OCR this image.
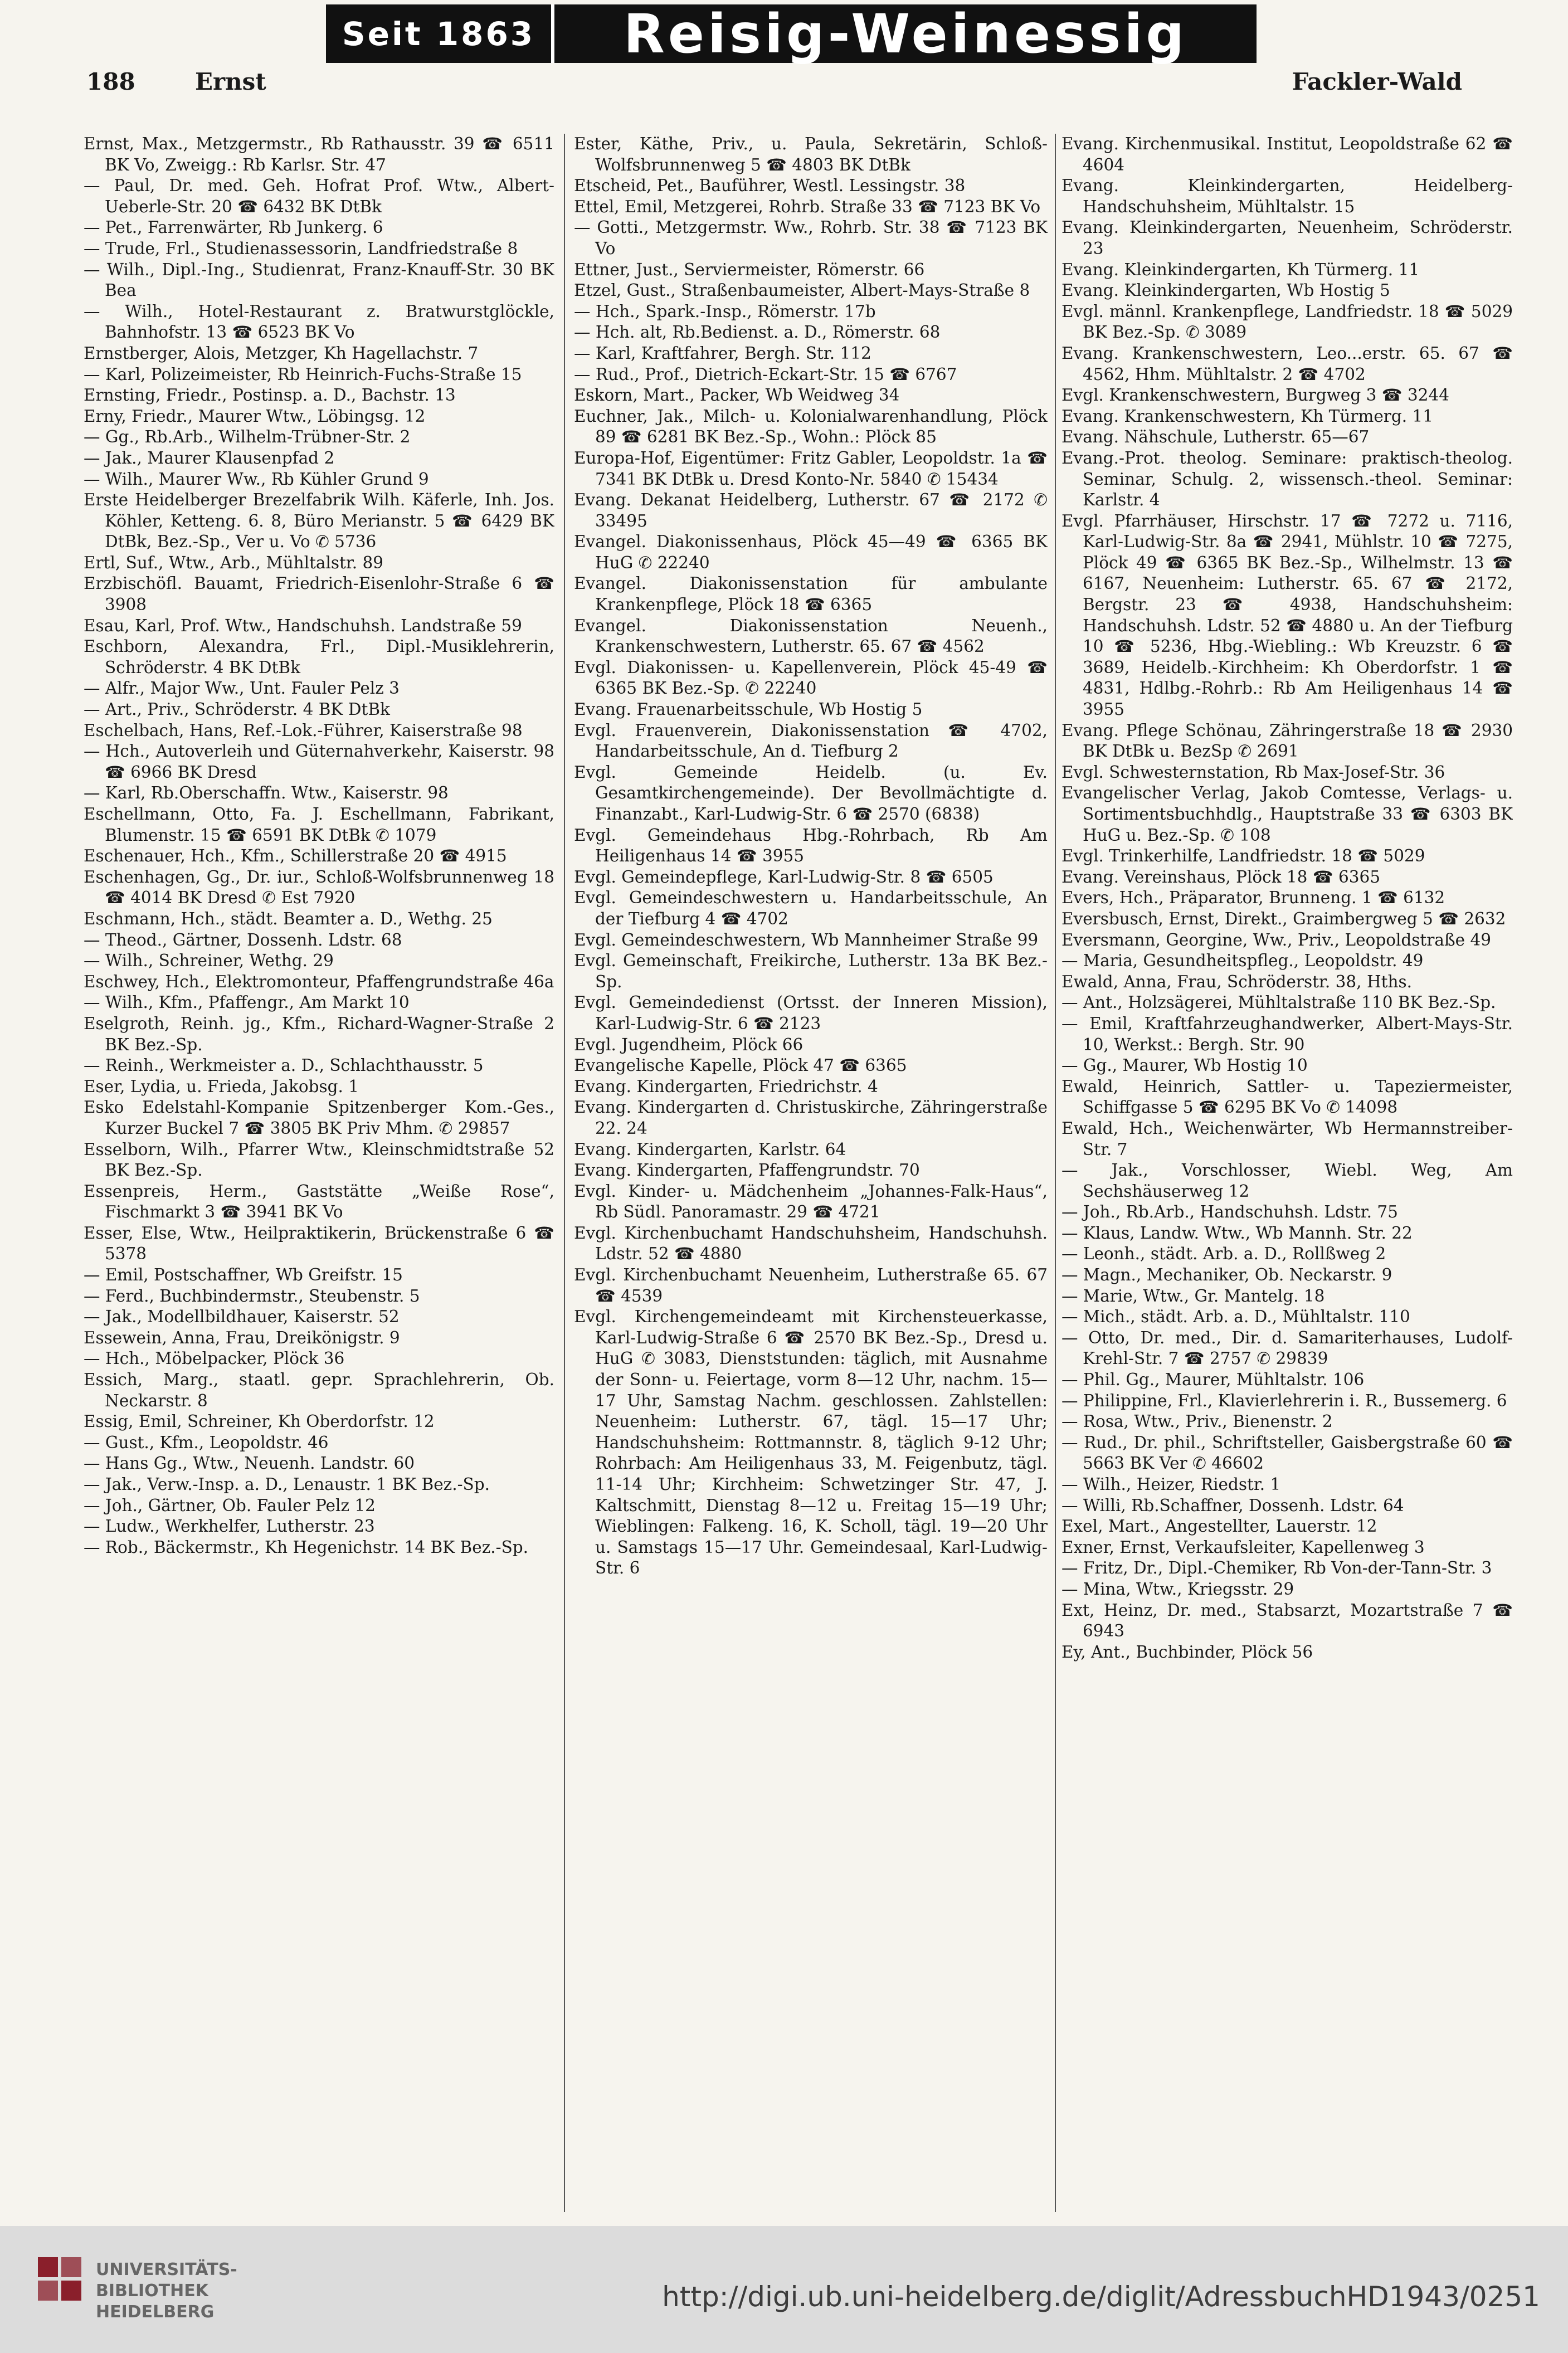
Seit 1863	Reisig-Weinessig
188	Ernst	Fackler-Wald
Ernst, Max., Metzgermstr., Rb Rathausstr. 39 ☎ 6511 BK Vo, Zweigg.: Rb Karlsr. Str. 47
— Paul, Dr. med. Geh. Hofrat Prof. Wtw., Albert-Ueberle-Str. 20 ☎ 6432 BK DtBk
— Pet., Farrenwärter, Rb Junkerg. 6
— Trude, Frl., Studienassessorin, Landfriedstraße 8
— Wilh., Dipl.-Ing., Studienrat, Franz-Knauff-Str. 30 BK Bea
— Wilh., Hotel-Restaurant z. Bratwurstglöckle, Bahnhofstr. 13 ☎ 6523 BK Vo
Ernstberger, Alois, Metzger, Kh Hagellachstr. 7
— Karl, Polizeimeister, Rb Heinrich-Fuchs-Straße 15
Ernsting, Friedr., Postinsp. a. D., Bachstr. 13
Erny, Friedr., Maurer Wtw., Löbingsg. 12
— Gg., Rb.Arb., Wilhelm-Trübner-Str. 2
— Jak., Maurer Klausenpfad 2
— Wilh., Maurer Ww., Rb Kühler Grund 9
Erste Heidelberger Brezelfabrik Wilh. Käferle, Inh. Jos. Köhler, Ketteng. 6. 8, Büro Merianstr. 5 ☎ 6429 BK DtBk, Bez.-Sp., Ver u. Vo ✆ 5736
Ertl, Suf., Wtw., Arb., Mühltalstr. 89
Erzbischöfl. Bauamt, Friedrich-Eisenlohr-Straße 6 ☎ 3908
Esau, Karl, Prof. Wtw., Handschuhsh. Landstraße 59
Eschborn, Alexandra, Frl., Dipl.-Musiklehrerin, Schröderstr. 4 BK DtBk
— Alfr., Major Ww., Unt. Fauler Pelz 3
— Art., Priv., Schröderstr. 4 BK DtBk
Eschelbach, Hans, Ref.-Lok.-Führer, Kaiserstraße 98
— Hch., Autoverleih und Güternahverkehr, Kaiserstr. 98 ☎ 6966 BK Dresd
— Karl, Rb.Oberschaffn. Wtw., Kaiserstr. 98
Eschellmann, Otto, Fa. J. Eschellmann, Fabrikant, Blumenstr. 15 ☎ 6591 BK DtBk ✆ 1079
Eschenauer, Hch., Kfm., Schillerstraße 20 ☎ 4915
Eschenhagen, Gg., Dr. iur., Schloß-Wolfsbrunnenweg 18 ☎ 4014 BK Dresd ✆ Est 7920
Eschmann, Hch., städt. Beamter a. D., Wethg. 25
— Theod., Gärtner, Dossenh. Ldstr. 68
— Wilh., Schreiner, Wethg. 29
Eschwey, Hch., Elektromonteur, Pfaffengrundstraße 46a
— Wilh., Kfm., Pfaffengr., Am Markt 10
Eselgroth, Reinh. jg., Kfm., Richard-Wagner-Straße 2 BK Bez.-Sp.
— Reinh., Werkmeister a. D., Schlachthausstr. 5
Eser, Lydia, u. Frieda, Jakobsg. 1
Esko Edelstahl-Kompanie Spitzenberger Kom.-Ges., Kurzer Buckel 7 ☎ 3805 BK Priv Mhm. ✆ 29857
Esselborn, Wilh., Pfarrer Wtw., Kleinschmidtstraße 52 BK Bez.-Sp.
Essenpreis, Herm., Gaststätte „Weiße Rose“, Fischmarkt 3 ☎ 3941 BK Vo
Esser, Else, Wtw., Heilpraktikerin, Brückenstraße 6 ☎ 5378
— Emil, Postschaffner, Wb Greifstr. 15
— Ferd., Buchbindermstr., Steubenstr. 5
— Jak., Modellbildhauer, Kaiserstr. 52
Essewein, Anna, Frau, Dreikönigstr. 9
— Hch., Möbelpacker, Plöck 36
Essich, Marg., staatl. gepr. Sprachlehrerin, Ob. Neckarstr. 8
Essig, Emil, Schreiner, Kh Oberdorfstr. 12
— Gust., Kfm., Leopoldstr. 46
— Hans Gg., Wtw., Neuenh. Landstr. 60
— Jak., Verw.-Insp. a. D., Lenaustr. 1 BK Bez.-Sp.
— Joh., Gärtner, Ob. Fauler Pelz 12
— Ludw., Werkhelfer, Lutherstr. 23
— Rob., Bäckermstr., Kh Hegenichstr. 14 BK Bez.-Sp.
Ester, Käthe, Priv., u. Paula, Sekretärin, Schloß-Wolfsbrunnenweg 5 ☎ 4803 BK DtBk
Etscheid, Pet., Bauführer, Westl. Lessingstr. 38
Ettel, Emil, Metzgerei, Rohrb. Straße 33 ☎ 7123 BK Vo
— Gotti., Metzgermstr. Ww., Rohrb. Str. 38 ☎ 7123 BK Vo
Ettner, Just., Serviermeister, Römerstr. 66
Etzel, Gust., Straßenbaumeister, Albert-Mays-Straße 8
— Hch., Spark.-Insp., Römerstr. 17b
— Hch. alt, Rb.Bedienst. a. D., Römerstr. 68
— Karl, Kraftfahrer, Bergh. Str. 112
— Rud., Prof., Dietrich-Eckart-Str. 15 ☎ 6767
Eskorn, Mart., Packer, Wb Weidweg 34
Euchner, Jak., Milch- u. Kolonialwarenhandlung, Plöck 89 ☎ 6281 BK Bez.-Sp., Wohn.: Plöck 85
Europa-Hof, Eigentümer: Fritz Gabler, Leopoldstr. 1a ☎ 7341 BK DtBk u. Dresd Konto-Nr. 5840 ✆ 15434
Evang. Dekanat Heidelberg, Lutherstr. 67 ☎ 2172 ✆ 33495
Evangel. Diakonissenhaus, Plöck 45—49 ☎ 6365 BK HuG ✆ 22240
Evangel. Diakonissenstation für ambulante Krankenpflege, Plöck 18 ☎ 6365
Evangel. Diakonissenstation Neuenh., Krankenschwestern, Lutherstr. 65. 67 ☎ 4562
Evgl. Diakonissen- u. Kapellenverein, Plöck 45-49 ☎ 6365 BK Bez.-Sp. ✆ 22240
Evang. Frauenarbeitsschule, Wb Hostig 5
Evgl. Frauenverein, Diakonissenstation ☎ 4702, Handarbeitsschule, An d. Tiefburg 2
Evgl. Gemeinde Heidelb. (u. Ev. Gesamtkirchengemeinde). Der Bevollmächtigte d. Finanzabt., Karl-Ludwig-Str. 6 ☎ 2570 (6838)
Evgl. Gemeindehaus Hbg.-Rohrbach, Rb Am Heiligenhaus 14 ☎ 3955
Evgl. Gemeindepflege, Karl-Ludwig-Str. 8 ☎ 6505
Evgl. Gemeindeschwestern u. Handarbeitsschule, An der Tiefburg 4 ☎ 4702
Evgl. Gemeindeschwestern, Wb Mannheimer Straße 99
Evgl. Gemeinschaft, Freikirche, Lutherstr. 13a BK Bez.-Sp.
Evgl. Gemeindedienst (Ortsst. der Inneren Mission), Karl-Ludwig-Str. 6 ☎ 2123
Evgl. Jugendheim, Plöck 66
Evangelische Kapelle, Plöck 47 ☎ 6365
Evang. Kindergarten, Friedrichstr. 4
Evang. Kindergarten d. Christuskirche, Zähringerstraße 22. 24
Evang. Kindergarten, Karlstr. 64
Evang. Kindergarten, Pfaffengrundstr. 70
Evgl. Kinder- u. Mädchenheim „Johannes-Falk-Haus“, Rb Südl. Panoramastr. 29 ☎ 4721
Evgl. Kirchenbuchamt Handschuhsheim, Handschuhsh. Ldstr. 52 ☎ 4880
Evgl. Kirchenbuchamt Neuenheim, Lutherstraße 65. 67 ☎ 4539
Evgl. Kirchengemeindeamt mit Kirchensteuerkasse, Karl-Ludwig-Straße 6 ☎ 2570 BK Bez.-Sp., Dresd u. HuG ✆ 3083, Dienststunden: täglich, mit Ausnahme der Sonn- u. Feiertage, vorm 8—12 Uhr, nachm. 15—17 Uhr, Samstag Nachm. geschlossen. Zahlstellen: Neuenheim: Lutherstr. 67, tägl. 15—17 Uhr; Handschuhsheim: Rottmannstr. 8, täglich 9-12 Uhr; Rohrbach: Am Heiligenhaus 33, M. Feigenbutz, tägl. 11-14 Uhr; Kirchheim: Schwetzinger Str. 47, J. Kaltschmitt, Dienstag 8—12 u. Freitag 15—19 Uhr; Wieblingen: Falkeng. 16, K. Scholl, tägl. 19—20 Uhr u. Samstags 15—17 Uhr. Gemeindesaal, Karl-Ludwig-Str. 6
Evang. Kirchenmusikal. Institut, Leopoldstraße 62 ☎ 4604
Evang. Kleinkindergarten, Heidelberg-Handschuhsheim, Mühltalstr. 15
Evang. Kleinkindergarten, Neuenheim, Schröderstr. 23
Evang. Kleinkindergarten, Kh Türmerg. 11
Evang. Kleinkindergarten, Wb Hostig 5
Evgl. männl. Krankenpflege, Landfriedstr. 18 ☎ 5029 BK Bez.-Sp. ✆ 3089
Evang. Krankenschwestern, Leo...erstr. 65. 67 ☎ 4562, Hhm. Mühltalstr. 2 ☎ 4702
Evgl. Krankenschwestern, Burgweg 3 ☎ 3244
Evang. Krankenschwestern, Kh Türmerg. 11
Evang. Nähschule, Lutherstr. 65—67
Evang.-Prot. theolog. Seminare: praktisch-theolog. Seminar, Schulg. 2, wissensch.-theol. Seminar: Karlstr. 4
Evgl. Pfarrhäuser, Hirschstr. 17 ☎ 7272 u. 7116, Karl-Ludwig-Str. 8a ☎ 2941, Mühlstr. 10 ☎ 7275, Plöck 49 ☎ 6365 BK Bez.-Sp., Wilhelmstr. 13 ☎ 6167, Neuenheim: Lutherstr. 65. 67 ☎ 2172, Bergstr. 23 ☎ 4938, Handschuhsheim: Handschuhsh. Ldstr. 52 ☎ 4880 u. An der Tiefburg 10 ☎ 5236, Hbg.-Wiebling.: Wb Kreuzstr. 6 ☎ 3689, Heidelb.-Kirchheim: Kh Oberdorfstr. 1 ☎ 4831, Hdlbg.-Rohrb.: Rb Am Heiligenhaus 14 ☎ 3955
Evang. Pflege Schönau, Zähringerstraße 18 ☎ 2930 BK DtBk u. BezSp ✆ 2691
Evgl. Schwesternstation, Rb Max-Josef-Str. 36
Evangelischer Verlag, Jakob Comtesse, Verlags- u. Sortimentsbuchhdlg., Hauptstraße 33 ☎ 6303 BK HuG u. Bez.-Sp. ✆ 108
Evgl. Trinkerhilfe, Landfriedstr. 18 ☎ 5029
Evang. Vereinshaus, Plöck 18 ☎ 6365
Evers, Hch., Präparator, Brunneng. 1 ☎ 6132
Eversbusch, Ernst, Direkt., Graimbergweg 5 ☎ 2632
Eversmann, Georgine, Ww., Priv., Leopoldstraße 49
— Maria, Gesundheitspfleg., Leopoldstr. 49
Ewald, Anna, Frau, Schröderstr. 38, Hths.
— Ant., Holzsägerei, Mühltalstraße 110 BK Bez.-Sp.
— Emil, Kraftfahrzeughandwerker, Albert-Mays-Str. 10, Werkst.: Bergh. Str. 90
— Gg., Maurer, Wb Hostig 10
Ewald, Heinrich, Sattler- u. Tapeziermeister, Schiffgasse 5 ☎ 6295 BK Vo ✆ 14098
Ewald, Hch., Weichenwärter, Wb Hermannstreiber-Str. 7
— Jak., Vorschlosser, Wiebl. Weg, Am Sechshäuserweg 12
— Joh., Rb.Arb., Handschuhsh. Ldstr. 75
— Klaus, Landw. Wtw., Wb Mannh. Str. 22
— Leonh., städt. Arb. a. D., Rollßweg 2
— Magn., Mechaniker, Ob. Neckarstr. 9
— Marie, Wtw., Gr. Mantelg. 18
— Mich., städt. Arb. a. D., Mühltalstr. 110
— Otto, Dr. med., Dir. d. Samariterhauses, Ludolf-Krehl-Str. 7 ☎ 2757 ✆ 29839
— Phil. Gg., Maurer, Mühltalstr. 106
— Philippine, Frl., Klavierlehrerin i. R., Bussemerg. 6
— Rosa, Wtw., Priv., Bienenstr. 2
— Rud., Dr. phil., Schriftsteller, Gaisbergstraße 60 ☎ 5663 BK Ver ✆ 46602
— Wilh., Heizer, Riedstr. 1
— Willi, Rb.Schaffner, Dossenh. Ldstr. 64
Exel, Mart., Angestellter, Lauerstr. 12
Exner, Ernst, Verkaufsleiter, Kapellenweg 3
— Fritz, Dr., Dipl.-Chemiker, Rb Von-der-Tann-Str. 3
— Mina, Wtw., Kriegsstr. 29
Ext, Heinz, Dr. med., Stabsarzt, Mozartstraße 7 ☎ 6943
Ey, Ant., Buchbinder, Plöck 56
UNIVERSITÄTS-
BIBLIOTHEK
HEIDELBERG	http://digi.ub.uni-heidelberg.de/diglit/AdressbuchHD1943/0251
